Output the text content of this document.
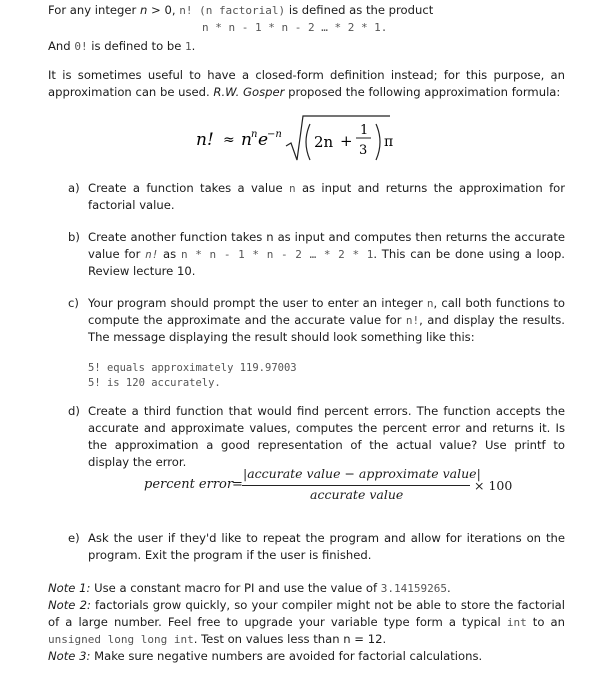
For any integer n > 0, n! (n factorial) is defined as the product
n * n - 1 * n - 2 … * 2 * 1.
And 0! is defined to be 1.

It is sometimes useful to have a closed-form definition instead; for this purpose, an approximation can be used. R.W. Gosper proposed the following approximation formula:

n! ≈ n n e
−n 2n +
1
3
π
a) Create a function takes a value n as input and returns the approximation for factorial value.
b) Create another function takes n as input and computes then returns the accurate value for n! as n * n - 1 * n - 2 … * 2 * 1. This can be done using a loop. Review lecture 10.
c) Your program should prompt the user to enter an integer n, call both functions to compute the approximate and the accurate value for n!, and display the results. The message displaying the result should look something like this:
5! equals approximately 119.97003
5! is 120 accurately.
d) Create a third function that would find percent errors. The function accepts the accurate and approximate values, computes the percent error and returns it. Is the approximation a good representation of the actual value? Use printf to display the error.
percent error
=
|accurate value − approximate value|
accurate value
× 100
e) Ask the user if they'd like to repeat the program and allow for iterations on the program. Exit the program if the user is finished.

Note 1: Use a constant macro for PI and use the value of 3.14159265.

Note 2: factorials grow quickly, so your compiler might not be able to store the factorial of a large number. Feel free to upgrade your variable type form a typical int to an unsigned long long int. Test on values less than n = 12.

Note 3: Make sure negative numbers are avoided for factorial calculations.
